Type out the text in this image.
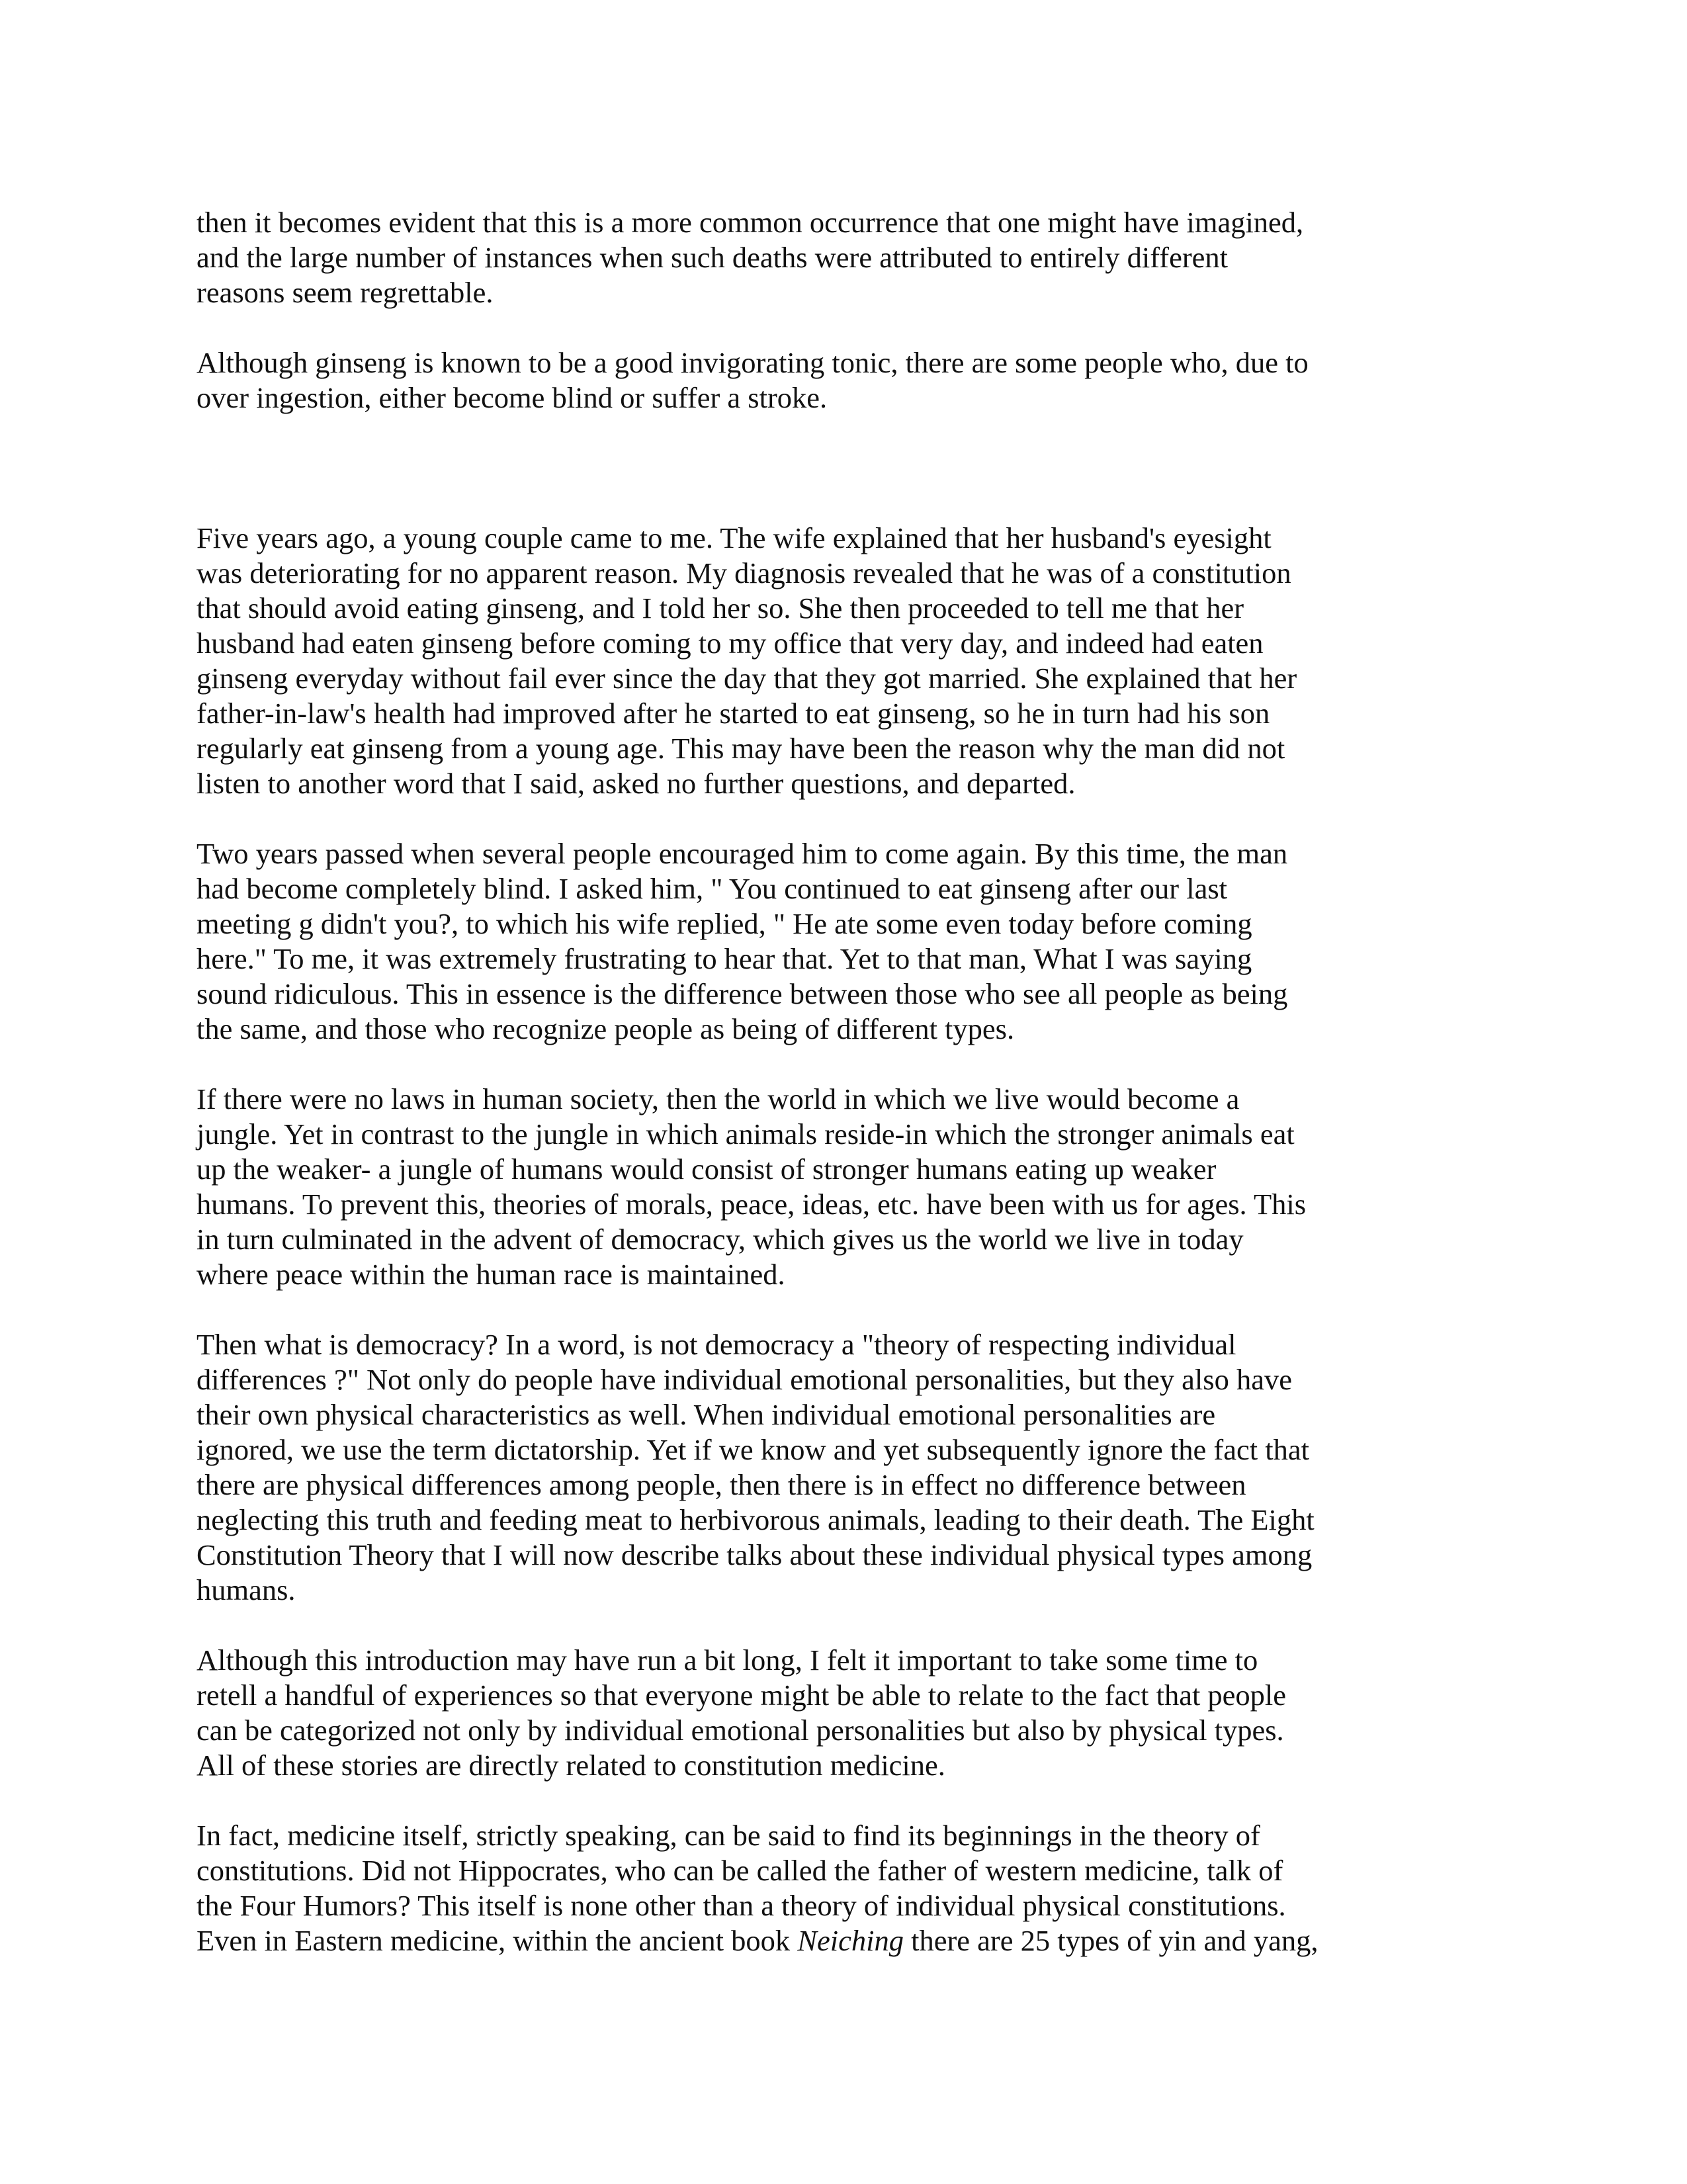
then it becomes evident that this is a more common occurrence that one might have imagined,
and the large number of instances when such deaths were attributed to entirely different
reasons seem regrettable.
Although ginseng is known to be a good invigorating tonic, there are some people who, due to
over ingestion, either become blind or suffer a stroke.
Five years ago, a young couple came to me. The wife explained that her husband's eyesight
was deteriorating for no apparent reason. My diagnosis revealed that he was of a constitution
that should avoid eating ginseng, and I told her so. She then proceeded to tell me that her
husband had eaten ginseng before coming to my office that very day, and indeed had eaten
ginseng everyday without fail ever since the day that they got married. She explained that her
father-in-law's health had improved after he started to eat ginseng, so he in turn had his son
regularly eat ginseng from a young age. This may have been the reason why the man did not
listen to another word that I said, asked no further questions, and departed.
Two years passed when several people encouraged him to come again. By this time, the man
had become completely blind. I asked him, " You continued to eat ginseng after our last
meeting g didn't you?, to which his wife replied, " He ate some even today before coming
here." To me, it was extremely frustrating to hear that. Yet to that man, What I was saying
sound ridiculous. This in essence is the difference between those who see all people as being
the same, and those who recognize people as being of different types.
If there were no laws in human society, then the world in which we live would become a
jungle. Yet in contrast to the jungle in which animals reside-in which the stronger animals eat
up the weaker- a jungle of humans would consist of stronger humans eating up weaker
humans. To prevent this, theories of morals, peace, ideas, etc. have been with us for ages. This
in turn culminated in the advent of democracy, which gives us the world we live in today
where peace within the human race is maintained.
Then what is democracy? In a word, is not democracy a "theory of respecting individual
differences ?" Not only do people have individual emotional personalities, but they also have
their own physical characteristics as well. When individual emotional personalities are
ignored, we use the term dictatorship. Yet if we know and yet subsequently ignore the fact that
there are physical differences among people, then there is in effect no difference between
neglecting this truth and feeding meat to herbivorous animals, leading to their death. The Eight
Constitution Theory that I will now describe talks about these individual physical types among
humans.
Although this introduction may have run a bit long, I felt it important to take some time to
retell a handful of experiences so that everyone might be able to relate to the fact that people
can be categorized not only by individual emotional personalities but also by physical types.
All of these stories are directly related to constitution medicine.
In fact, medicine itself, strictly speaking, can be said to find its beginnings in the theory of
constitutions. Did not Hippocrates, who can be called the father of western medicine, talk of
the Four Humors? This itself is none other than a theory of individual physical constitutions.
Even in Eastern medicine, within the ancient book Neiching there are 25 types of yin and yang,
